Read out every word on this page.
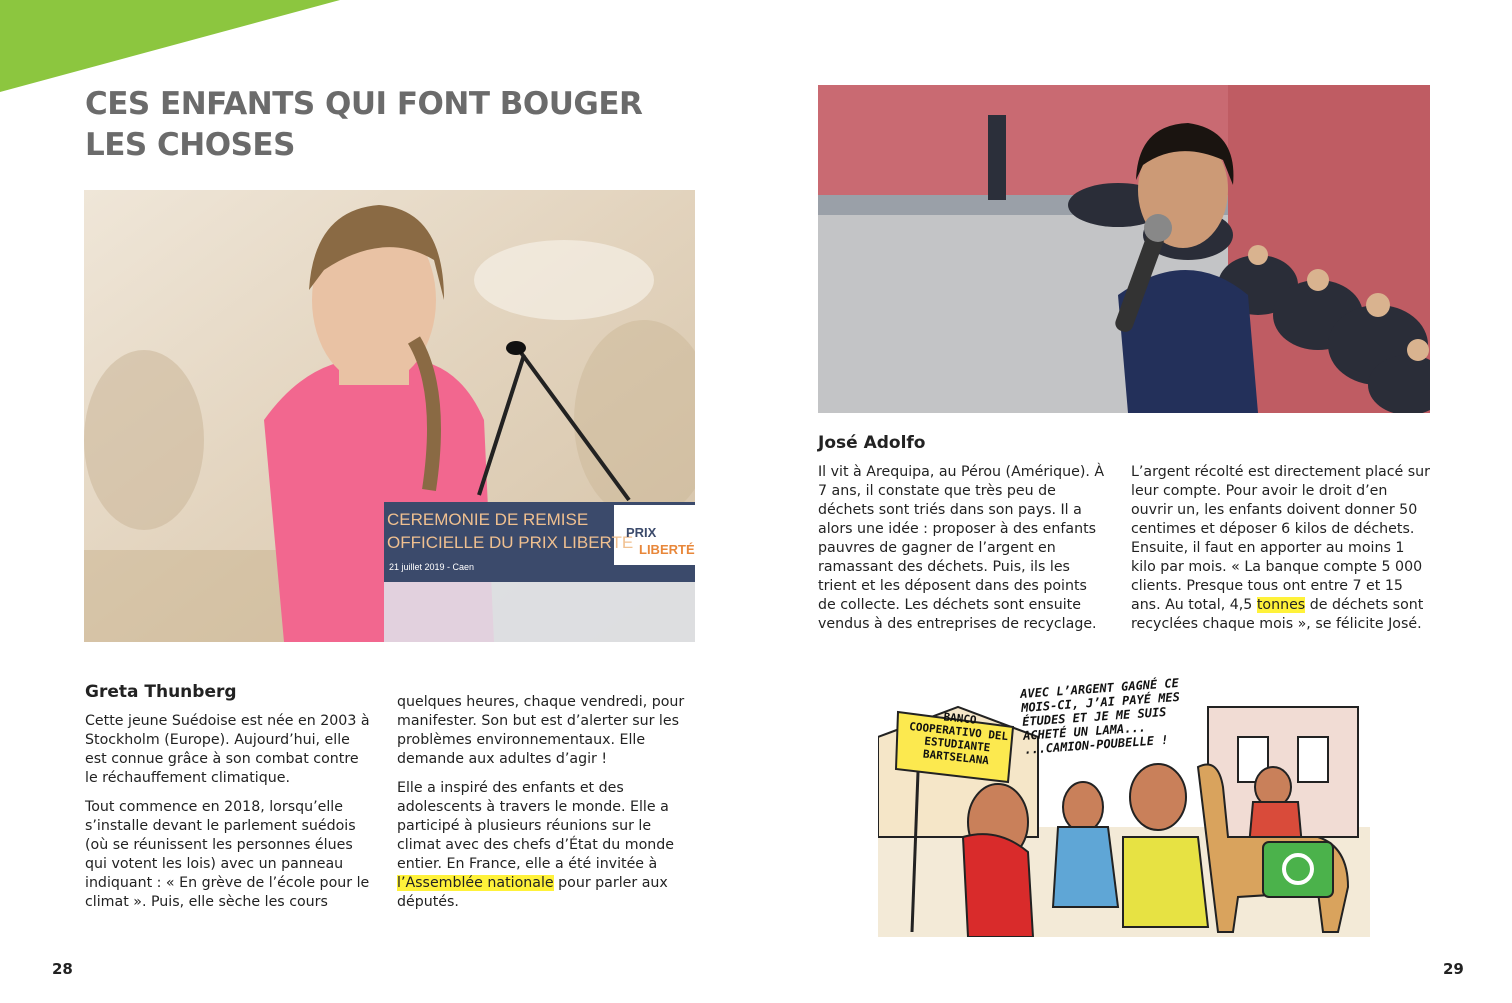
CES ENFANTS QUI FONT BOUGER
LES CHOSES
CEREMONIE DE REMISE
OFFICIELLE DU PRIX LIBERTÉ
21 juillet 2019 - Caen
PRIX
LIBERTÉ
Greta Thunberg

Cette jeune Suédoise est née en 2003 à Stockholm (Europe). Aujourd’hui, elle est connue grâce à son combat contre le réchauffement climatique.

Tout commence en 2018, lorsqu’elle s’installe devant le parlement suédois (où se réunissent les personnes élues qui votent les lois) avec un panneau indiquant : « En grève de l’école pour le climat ». Puis, elle sèche les cours

quelques heures, chaque vendredi, pour manifester. Son but est d’alerter sur les problèmes environnementaux. Elle demande aux adultes d’agir !

Elle a inspiré des enfants et des adolescents à travers le monde. Elle a participé à plusieurs réunions sur le climat avec des chefs d’État du monde entier. En France, elle a été invitée à l’Assemblée nationale pour parler aux députés.

José Adolfo

Il vit à Arequipa, au Pérou (Amérique). À 7 ans, il constate que très peu de déchets sont triés dans son pays. Il a alors une idée : proposer à des enfants pauvres de gagner de l’argent en ramassant des déchets. Puis, ils les trient et les déposent dans des points de collecte. Les déchets sont ensuite vendus à des entreprises de recyclage.

L’argent récolté est directement placé sur leur compte. Pour avoir le droit d’en ouvrir un, les enfants doivent donner 50 centimes et déposer 6 kilos de déchets. Ensuite, il faut en apporter au moins 1 kilo par mois. « La banque compte 5 000 clients. Presque tous ont entre 7 et 15 ans. Au total, 4,5 tonnes de déchets sont recyclées chaque mois », se félicite José.

BANCO COOPERATIVO DEL ESTUDIANTE BARTSELANA
AVEC L’ARGENT GAGNÉ CE MOIS-CI, J’AI PAYÉ MES ÉTUDES ET JE ME SUIS ACHETÉ UN LAMA... ...CAMION-POUBELLE !
28	29
